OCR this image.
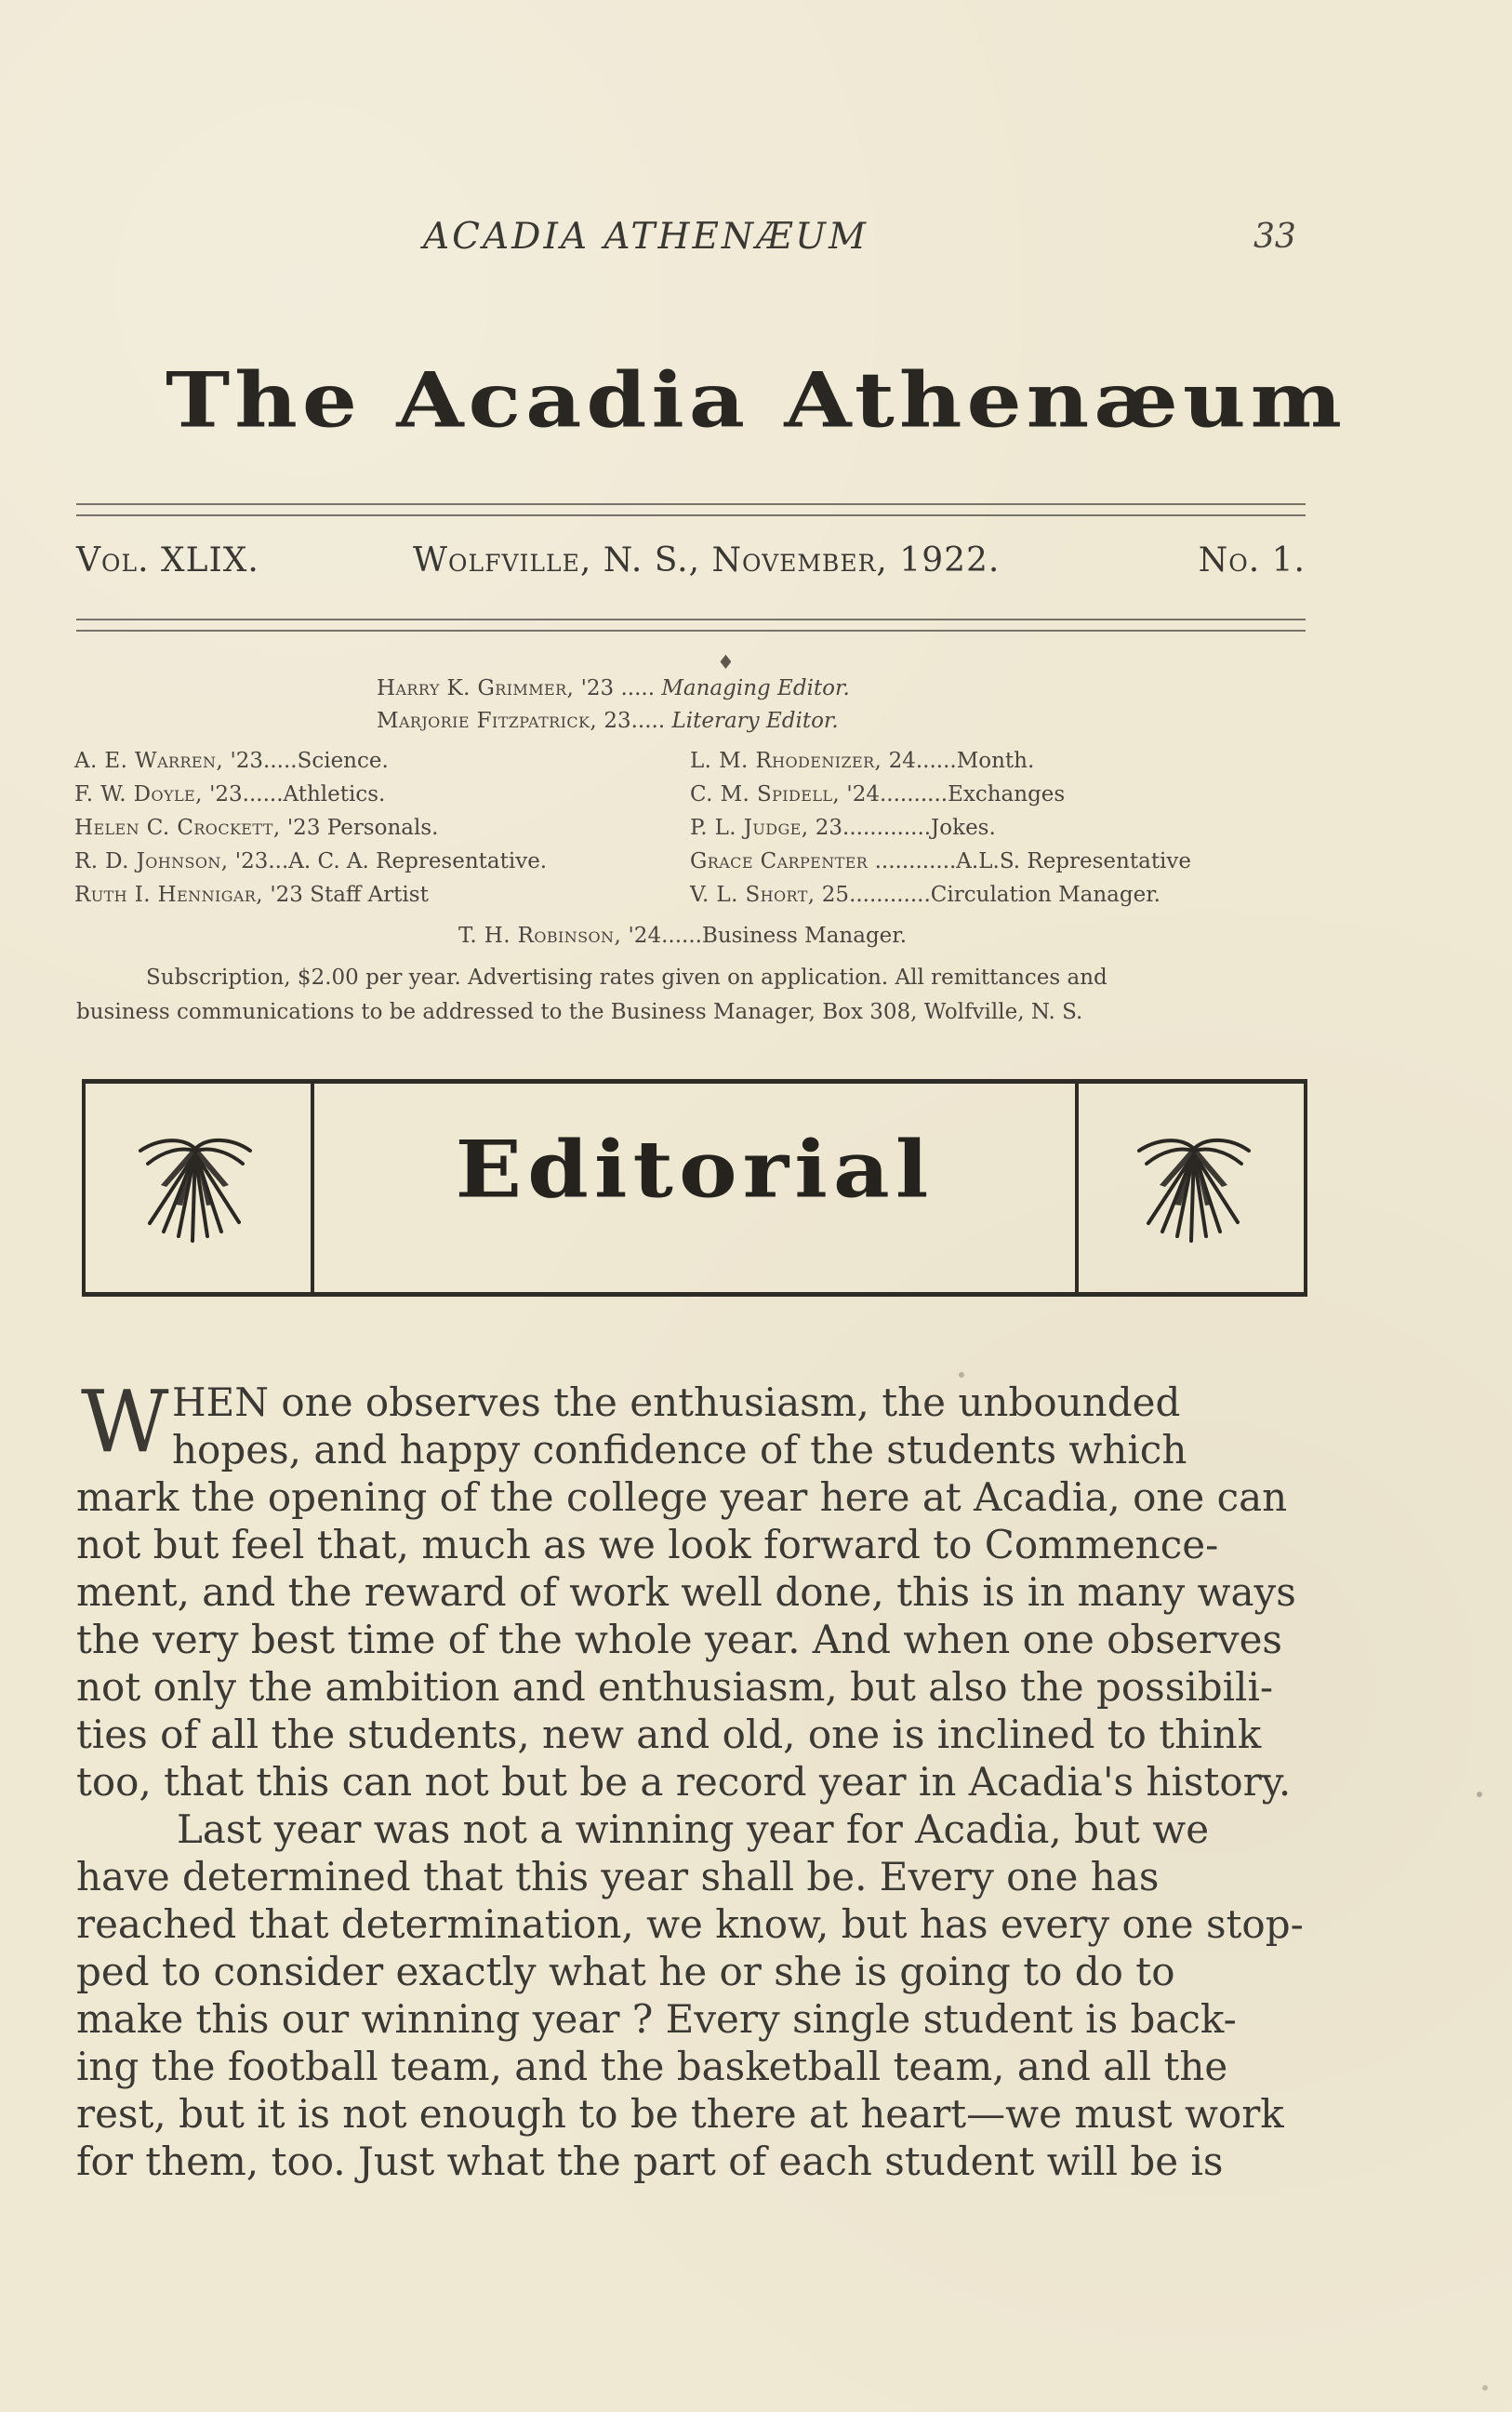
ACADIA ATHENÆUM	33
The Acadia Athenæum
Vol. XLIX.	Wolfville, N. S., November, 1922.	No. 1.
♦
Harry K. Grimmer, '23 ..... Managing Editor.
Marjorie Fitzpatrick, 23..... Literary Editor.
A. E. Warren, '23.....Science.
F. W. Doyle, '23......Athletics.
Helen C. Crockett, '23 Personals.
R. D. Johnson, '23...A. C. A. Representative.
Ruth I. Hennigar, '23 Staff Artist
L. M. Rhodenizer, 24......Month.
C. M. Spidell, '24..........Exchanges
P. L. Judge, 23.............Jokes.
Grace Carpenter ............A.L.S. Representative
V. L. Short, 25............Circulation Manager.
T. H. Robinson, '24......Business Manager.
Subscription, $2.00 per year. Advertising rates given on application. All remittances and
business communications to be addressed to the Business Manager, Box 308, Wolfville, N. S.
Editorial
W HEN one observes the enthusiasm, the unbounded
hopes, and happy confidence of the students which
mark the opening of the college year here at Acadia, one can
not but feel that, much as we look forward to Commence-
ment, and the reward of work well done, this is in many ways
the very best time of the whole year. And when one observes
not only the ambition and enthusiasm, but also the possibili-
ties of all the students, new and old, one is inclined to think
too, that this can not but be a record year in Acadia's history.
Last year was not a winning year for Acadia, but we
have determined that this year shall be. Every one has
reached that determination, we know, but has every one stop-
ped to consider exactly what he or she is going to do to
make this our winning year ? Every single student is back-
ing the football team, and the basketball team, and all the
rest, but it is not enough to be there at heart—we must work
for them, too. Just what the part of each student will be is
